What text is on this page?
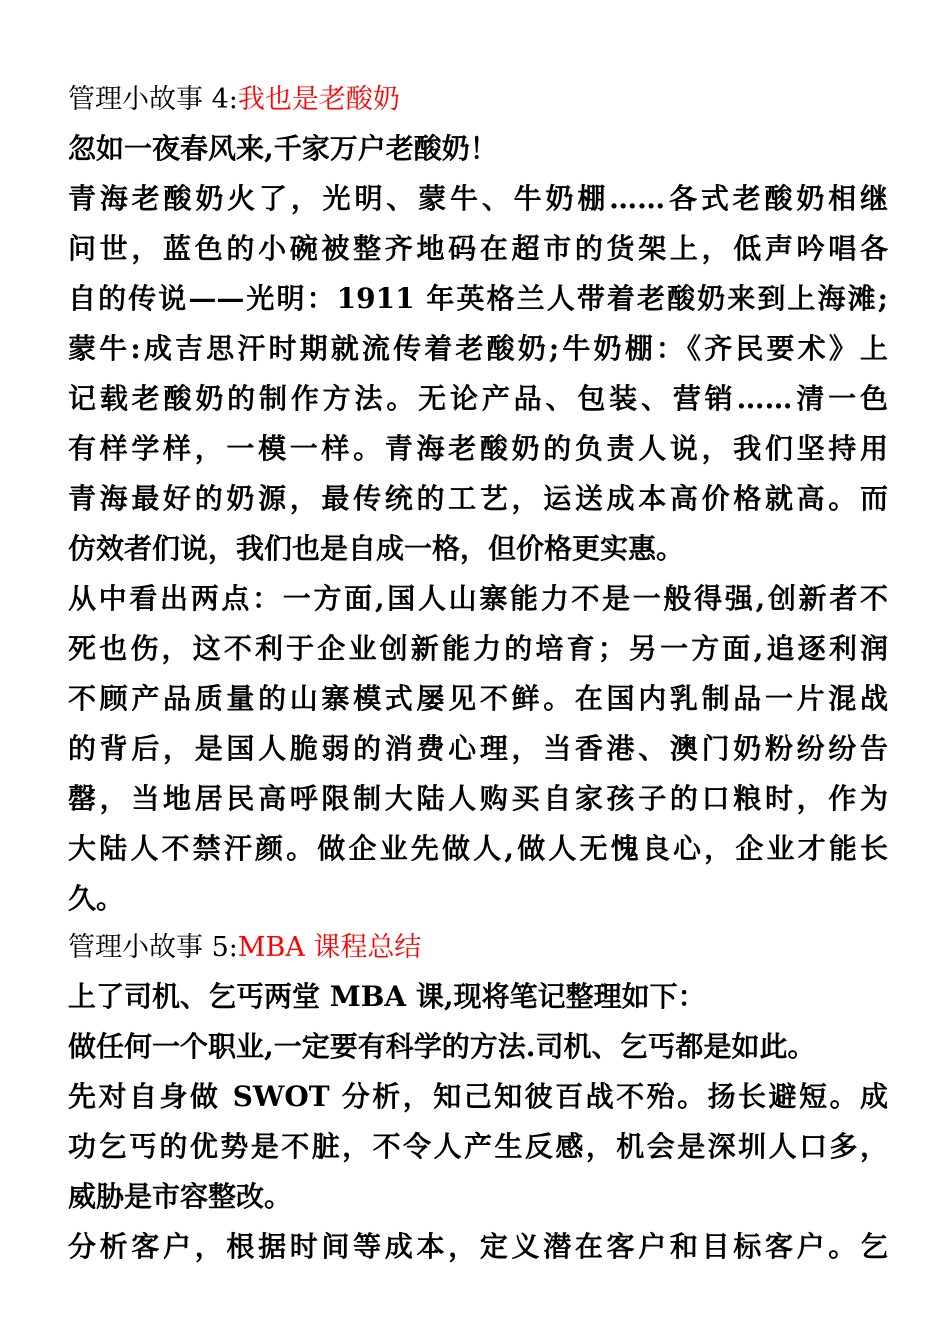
管理小故事 4:我也是老酸奶
忽如一夜春风来,千家万户老酸奶！
青海老酸奶火了，光明、蒙牛、牛奶棚……各式老酸奶相继
问世，蓝色的小碗被整齐地码在超市的货架上，低声吟唱各
自的传说——光明：1911 年英格兰人带着老酸奶来到上海滩;
蒙牛:成吉思汗时期就流传着老酸奶;牛奶棚：《齐民要术》上
记载老酸奶的制作方法。无论产品、包装、营销……清一色
有样学样，一模一样。青海老酸奶的负责人说，我们坚持用
青海最好的奶源，最传统的工艺，运送成本高价格就高。而
仿效者们说，我们也是自成一格，但价格更实惠。
从中看出两点：一方面,国人山寨能力不是一般得强,创新者不
死也伤，这不利于企业创新能力的培育；另一方面,追逐利润
不顾产品质量的山寨模式屡见不鲜。在国内乳制品一片混战
的背后，是国人脆弱的消费心理，当香港、澳门奶粉纷纷告
罄，当地居民高呼限制大陆人购买自家孩子的口粮时，作为
大陆人不禁汗颜。做企业先做人,做人无愧良心，企业才能长
久。
管理小故事 5:MBA 课程总结
上了司机、乞丐两堂 MBA 课,现将笔记整理如下：
做任何一个职业,一定要有科学的方法.司机、乞丐都是如此。
先对自身做 SWOT 分析，知己知彼百战不殆。扬长避短。成
功乞丐的优势是不脏，不令人产生反感，机会是深圳人口多，
威胁是市容整改。
分析客户，根据时间等成本，定义潜在客户和目标客户。乞
